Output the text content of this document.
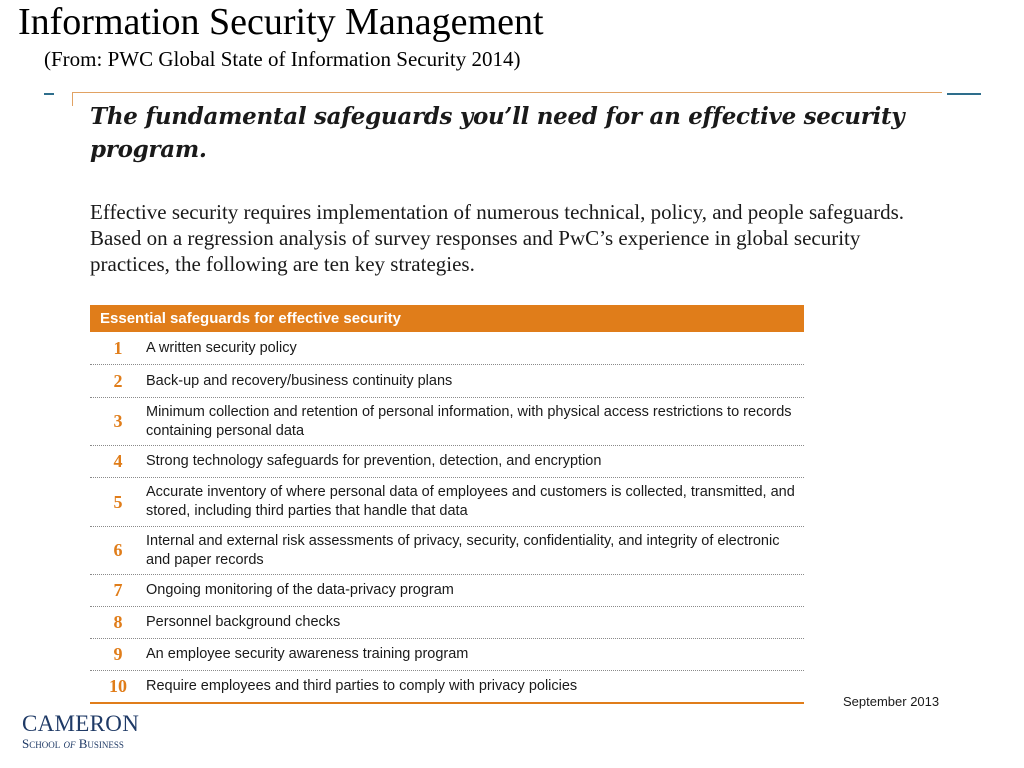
Information Security Management

(From: PWC Global State of Information Security 2014)

The fundamental safeguards you’ll need for an effective security program.

Effective security requires implementation of numerous technical, policy, and people safeguards. Based on a regression analysis of survey responses and PwC’s experience in global security practices, the following are ten key strategies.

Essential safeguards for effective security
1	A written security policy
2	Back-up and recovery/business continuity plans
3	Minimum collection and retention of personal information, with physical access restrictions to records containing personal data
4	Strong technology safeguards for prevention, detection, and encryption
5	Accurate inventory of where personal data of employees and customers is collected, transmitted, and stored, including third parties that handle that data
6	Internal and external risk assessments of privacy, security, confidentiality, and integrity of electronic and paper records
7	Ongoing monitoring of the data-privacy program
8	Personnel background checks
9	An employee security awareness training program
10	Require employees and third parties to comply with privacy policies
September 2013
CAMERON
School of Business
